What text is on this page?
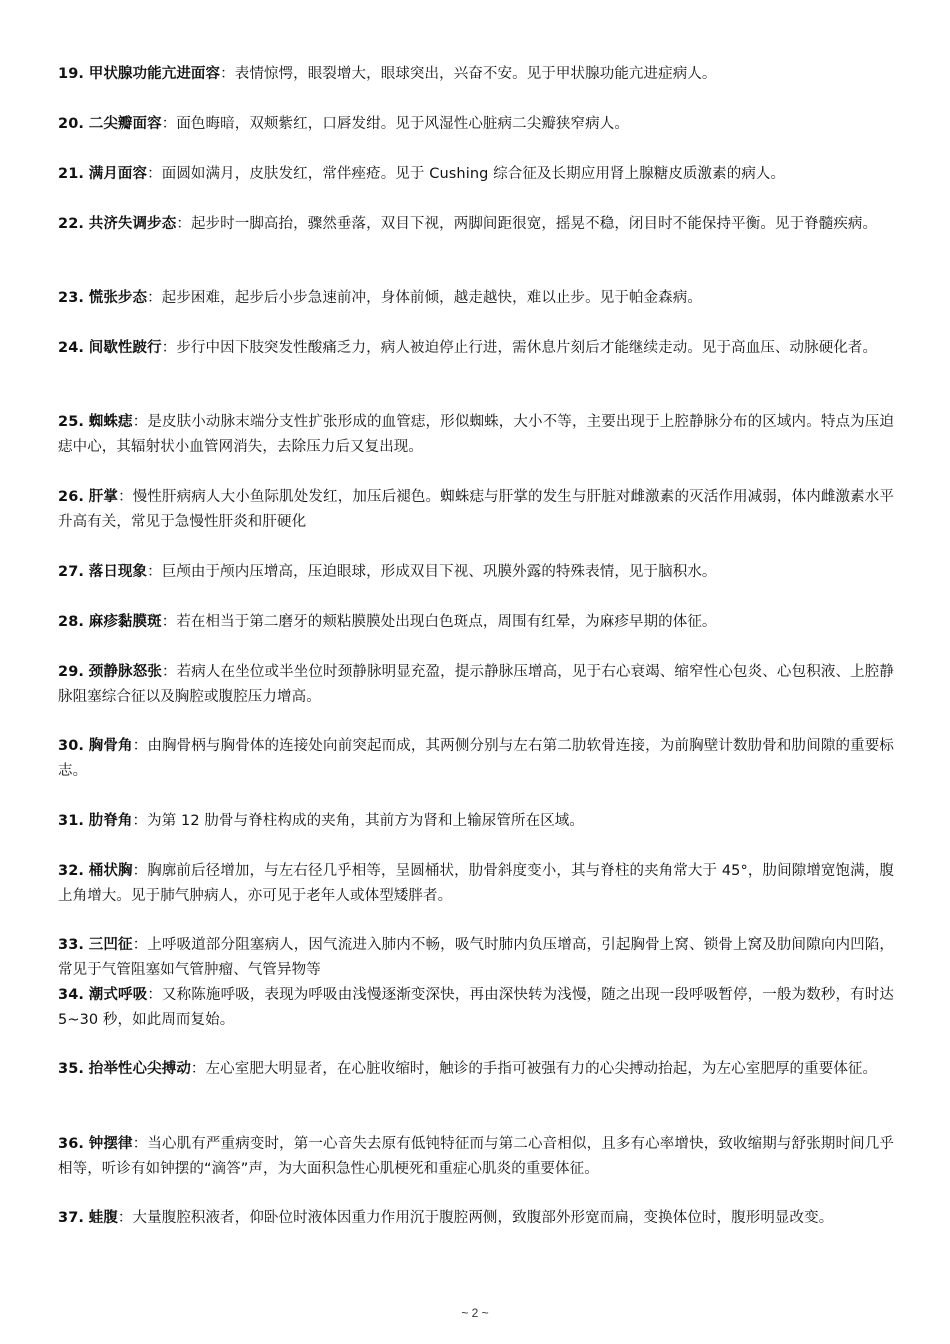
19. 甲状腺功能亢进面容：表情惊愕，眼裂增大，眼球突出，兴奋不安。见于甲状腺功能亢进症病人。
20. 二尖瓣面容：面色晦暗，双颊紫红，口唇发绀。见于风湿性心脏病二尖瓣狭窄病人。
21. 满月面容：面圆如满月，皮肤发红，常伴痤疮。见于 Cushing 综合征及长期应用肾上腺糖皮质激素的病人。
22. 共济失调步态：起步时一脚高抬，骤然垂落，双目下视，两脚间距很宽，摇晃不稳，闭目时不能保持平衡。见于脊髓疾病。
23. 慌张步态：起步困难，起步后小步急速前冲，身体前倾，越走越快，难以止步。见于帕金森病。
24. 间歇性跛行：步行中因下肢突发性酸痛乏力，病人被迫停止行进，需休息片刻后才能继续走动。见于高血压、动脉硬化者。
25. 蜘蛛痣：是皮肤小动脉末端分支性扩张形成的血管痣，形似蜘蛛，大小不等，主要出现于上腔静脉分布的区域内。特点为压迫痣中心，其辐射状小血管网消失，去除压力后又复出现。
26. 肝掌：慢性肝病病人大小鱼际肌处发红，加压后褪色。蜘蛛痣与肝掌的发生与肝脏对雌激素的灭活作用减弱，体内雌激素水平升高有关，常见于急慢性肝炎和肝硬化
27. 落日现象：巨颅由于颅内压增高，压迫眼球，形成双目下视、巩膜外露的特殊表情，见于脑积水。
28. 麻疹黏膜斑：若在相当于第二磨牙的颊粘膜膜处出现白色斑点，周围有红晕，为麻疹早期的体征。
29. 颈静脉怒张：若病人在坐位或半坐位时颈静脉明显充盈，提示静脉压增高，见于右心衰竭、缩窄性心包炎、心包积液、上腔静脉阻塞综合征以及胸腔或腹腔压力增高。
30. 胸骨角：由胸骨柄与胸骨体的连接处向前突起而成，其两侧分别与左右第二肋软骨连接，为前胸壁计数肋骨和肋间隙的重要标志。
31. 肋脊角：为第 12 肋骨与脊柱构成的夹角，其前方为肾和上输尿管所在区域。
32. 桶状胸：胸廓前后径增加，与左右径几乎相等，呈圆桶状，肋骨斜度变小，其与脊柱的夹角常大于 45°，肋间隙增宽饱满，腹上角增大。见于肺气肿病人，亦可见于老年人或体型矮胖者。
33. 三凹征：上呼吸道部分阻塞病人，因气流进入肺内不畅，吸气时肺内负压增高，引起胸骨上窝、锁骨上窝及肋间隙向内凹陷，常见于气管阻塞如气管肿瘤、气管异物等
34. 潮式呼吸：又称陈施呼吸，表现为呼吸由浅慢逐渐变深快，再由深快转为浅慢，随之出现一段呼吸暂停，一般为数秒，有时达 5~30 秒，如此周而复始。
35. 抬举性心尖搏动：左心室肥大明显者，在心脏收缩时，触诊的手指可被强有力的心尖搏动抬起，为左心室肥厚的重要体征。
36. 钟摆律：当心肌有严重病变时，第一心音失去原有低钝特征而与第二心音相似，且多有心率增快，致收缩期与舒张期时间几乎相等，听诊有如钟摆的“滴答”声，为大面积急性心肌梗死和重症心肌炎的重要体征。
37. 蛙腹：大量腹腔积液者，仰卧位时液体因重力作用沉于腹腔两侧，致腹部外形宽而扁，变换体位时，腹形明显改变。
~ 2 ~
